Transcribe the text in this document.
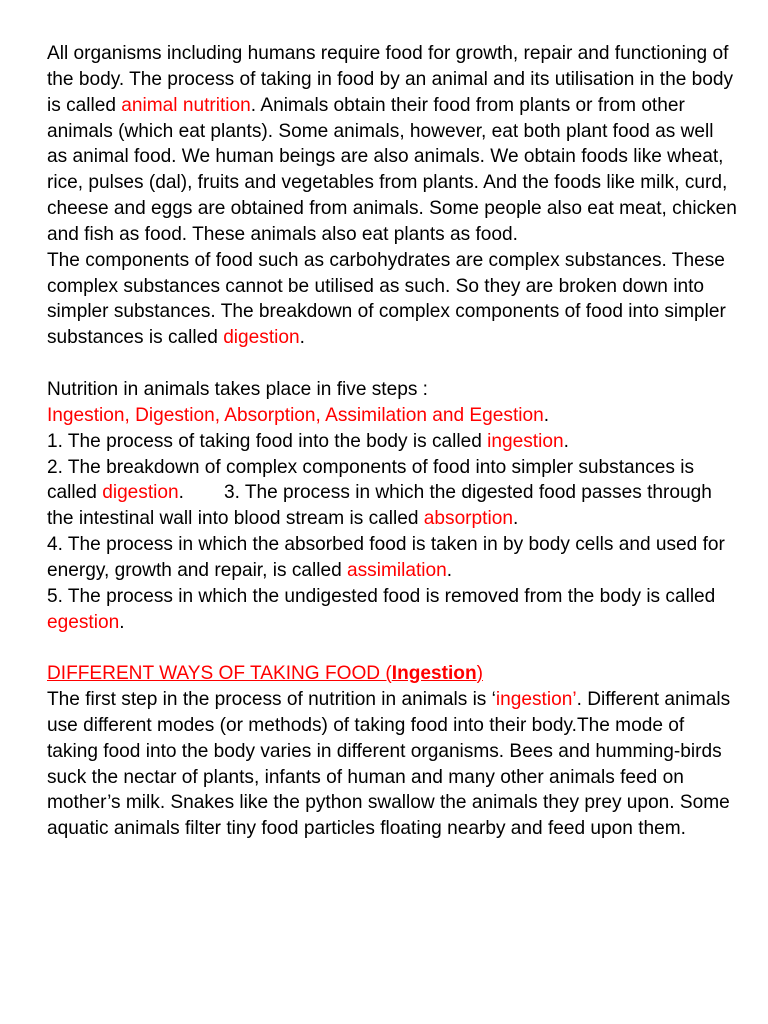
All organisms including humans require food for growth, repair and functioning of the body. The process of taking in food by an animal and its utilisation in the body is called animal nutrition. Animals obtain their food from plants or from other animals (which eat plants). Some animals, however, eat both plant food as well as animal food. We human beings are also animals. We obtain foods like wheat, rice, pulses (dal), fruits and vegetables from plants. And the foods like milk, curd, cheese and eggs are obtained from animals. Some people also eat meat, chicken and fish as food. These animals also eat plants as food.

The components of food such as carbohydrates are complex substances. These complex substances cannot be utilised as such. So they are broken down into simpler substances. The breakdown of complex components of food into simpler substances is called digestion.

Nutrition in animals takes place in five steps :

Ingestion, Digestion, Absorption, Assimilation and Egestion.

1. The process of taking food into the body is called ingestion.

2. The breakdown of complex components of food into simpler substances is called digestion. 3. The process in which the digested food passes through the intestinal wall into blood stream is called absorption.

4. The process in which the absorbed food is taken in by body cells and used for energy, growth and repair, is called assimilation.

5. The process in which the undigested food is removed from the body is called egestion.

DIFFERENT WAYS OF TAKING FOOD (Ingestion)

The first step in the process of nutrition in animals is ‘ingestion’. Different animals use different modes (or methods) of taking food into their body.The mode of taking food into the body varies in different organisms. Bees and humming-birds suck the nectar of plants, infants of human and many other animals feed on mother’s milk. Snakes like the python swallow the animals they prey upon. Some aquatic animals filter tiny food particles floating nearby and feed upon them.
